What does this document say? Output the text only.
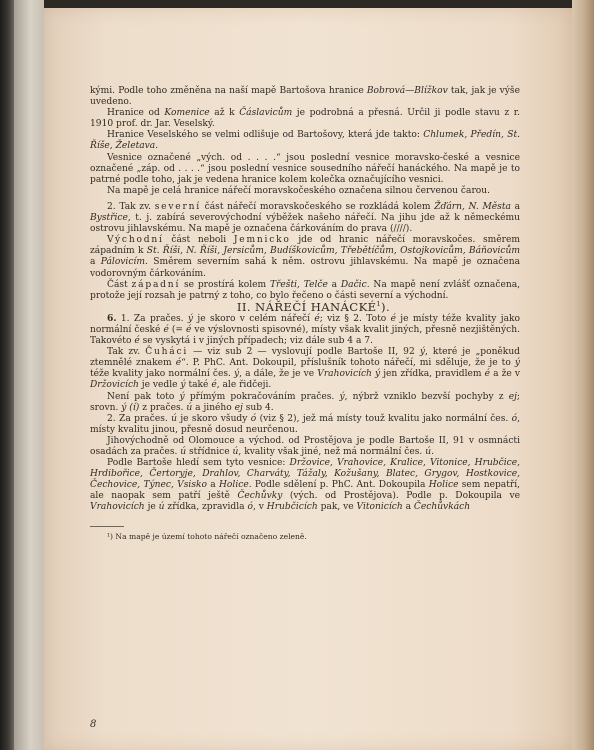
kými. Podle toho změněna na naší mapě Bartošova hranice Bobrová—Blížkov tak, jak je výše uvedeno.

Hranice od Komenice až k Čáslavicům je podrobná a přesná. Určil ji podle stavu z r. 1910 prof. dr. Jar. Veselský.

Hranice Veselského se velmi odlišuje od Bartošovy, která jde takto: Chlumek, Předín, St. Říše, Želetava.

Vesnice označené „vých. od . . . .“ jsou poslední vesnice moravsko-české a vesnice označené „záp. od . . . .“ jsou poslední vesnice sousedního nářečí hanáckého. Na mapě je to patrné podle toho, jak je vedena hranice kolem kolečka označujícího vesnici.

Na mapě je celá hranice nářečí moravskočeského označena silnou červenou čarou.

2. Tak zv. severní část nářečí moravskočeského se rozkládá kolem Žďárn, N. Města a Bystřice, t. j. zabírá severovýchodní výběžek našeho nářečí. Na jihu jde až k německému ostrovu jihlavskému. Na mapě je označena čárkováním do prava (////).

Východní část neboli Jemnicko jde od hranic nářečí moravskočes. směrem západním k St. Říši, N. Říši, Jersicům, Budíškovicům, Třebětíčům, Ostojkovicům, Báňovicům a Pálovicím. Směrem severním sahá k něm. ostrovu jihlavskému. Na mapě je označena vodorovným čárkováním.

Část západní se prostírá kolem Třešti, Telče a Dačic. Na mapě není zvlášť označena, protože její rozsah je patrný z toho, co bylo řečeno o části severní a východní.

II. NÁŘEČÍ HANÁCKÉ$^1$).

6. 1. Za pračes. ý je skoro v celém nářečí é; viz § 2. Toto é je místy téže kvality jako normální české é (= é ve výslovnosti spisovné), místy však kvalit jiných, přesně nezjištěných. Takovéto é se vyskytá i v jiných případech; viz dále sub 4 a 7.

Tak zv. Čuháci — viz sub 2 — vyslovují podle Bartoše II, 92 ý, které je „poněkud ztemnělé znakem é“. P. PhC. Ant. Dokoupil, příslušník tohoto nářečí, mi sděluje, že je to ý téže kvality jako normální čes. ý, a dále, že je ve Vrahovicích ý jen zřídka, pravidlem é a že v Držovicích je vedle ý také é, ale řidčeji.

Není pak toto ý přímým pokračováním pračes. ý, nýbrž vzniklo bezvší pochyby z ej; srovn. ý (í) z pračes. ú a jiného ej sub 4.

2. Za pračes. ú je skoro všudy ó (viz § 2), jež má místy touž kvalitu jako normální čes. ó, místy kvalitu jinou, přesně dosud neurčenou.

Jihovýchodně od Olomouce a východ. od Prostějova je podle Bartoše II, 91 v osmnácti osadách za pračes. ú střídnice ú, kvality však jiné, než má normální čes. ú.

Podle Bartoše hledí sem tyto vesnice: Držovice, Vrahovice, Kralice, Vitonice, Hrubčice, Hrdibořice, Čertoryje, Drahlov, Charváty, Tážaly, Kožušany, Blatec, Grygov, Hostkovice, Čechovice, Týnec, Vsisko a Holice. Podle sdělení p. PhC. Ant. Dokoupila Holice sem nepatří, ale naopak sem patří ještě Čechůvky (vých. od Prostějova). Podle p. Dokoupila ve Vrahovicích je ú zřídka, zpravidla ó, v Hrubčicích pak, ve Vitonicích a Čechůvkách

¹) Na mapě je území tohoto nářečí označeno zeleně.

8
